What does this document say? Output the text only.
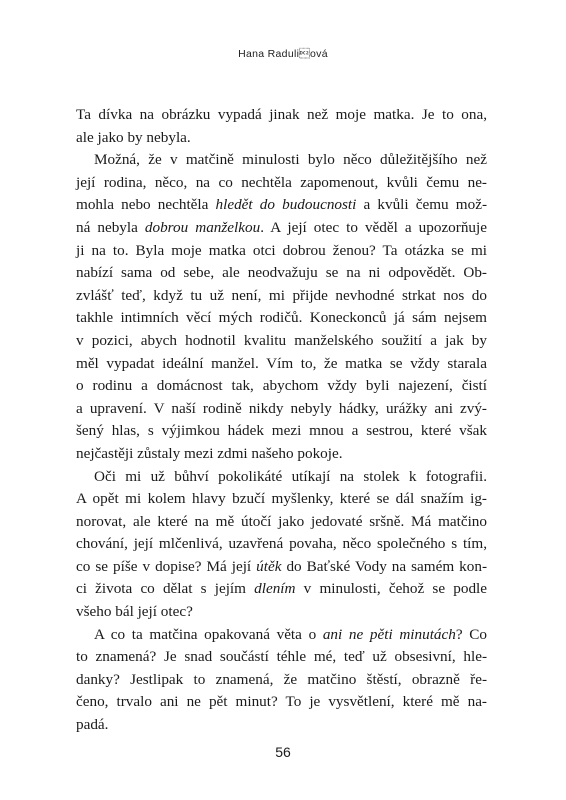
Hana Raduliová
Ta dívka na obrázku vypadá jinak než moje matka. Je to ona,
ale jako by nebyla.
Možná, že v matčině minulosti bylo něco důležitějšího než
její rodina, něco, na co nechtěla zapomenout, kvůli čemu ne-
mohla nebo nechtěla hledět do budoucnosti a kvůli čemu mož-
ná nebyla dobrou manželkou. A její otec to věděl a upozorňuje
ji na to. Byla moje matka otci dobrou ženou? Ta otázka se mi
nabízí sama od sebe, ale neodvažuju se na ni odpovědět. Ob-
zvlášť teď, když tu už není, mi přijde nevhodné strkat nos do
takhle intimních věcí mých rodičů. Koneckonců já sám nejsem
v pozici, abych hodnotil kvalitu manželského soužití a jak by
měl vypadat ideální manžel. Vím to, že matka se vždy starala
o rodinu a domácnost tak, abychom vždy byli najezení, čistí
a upravení. V naší rodině nikdy nebyly hádky, urážky ani zvý-
šený hlas, s výjimkou hádek mezi mnou a sestrou, které však
nejčastěji zůstaly mezi zdmi našeho pokoje.
Oči mi už bůhví pokolikáté utíkají na stolek k fotografii.
A opět mi kolem hlavy bzučí myšlenky, které se dál snažím ig-
norovat, ale které na mě útočí jako jedovaté sršně. Má matčino
chování, její mlčenlivá, uzavřená povaha, něco společného s tím,
co se píše v dopise? Má její útěk do Baťské Vody na samém kon-
ci života co dělat s jejím dlením v minulosti, čehož se podle
všeho bál její otec?
A co ta matčina opakovaná věta o ani ne pěti minutách? Co
to znamená? Je snad součástí téhle mé, teď už obsesivní, hle-
dankу? Jestlipak to znamená, že matčino štěstí, obrazně ře-
čeno, trvalo ani ne pět minut? To je vysvětlení, které mě na-
padá.
56
